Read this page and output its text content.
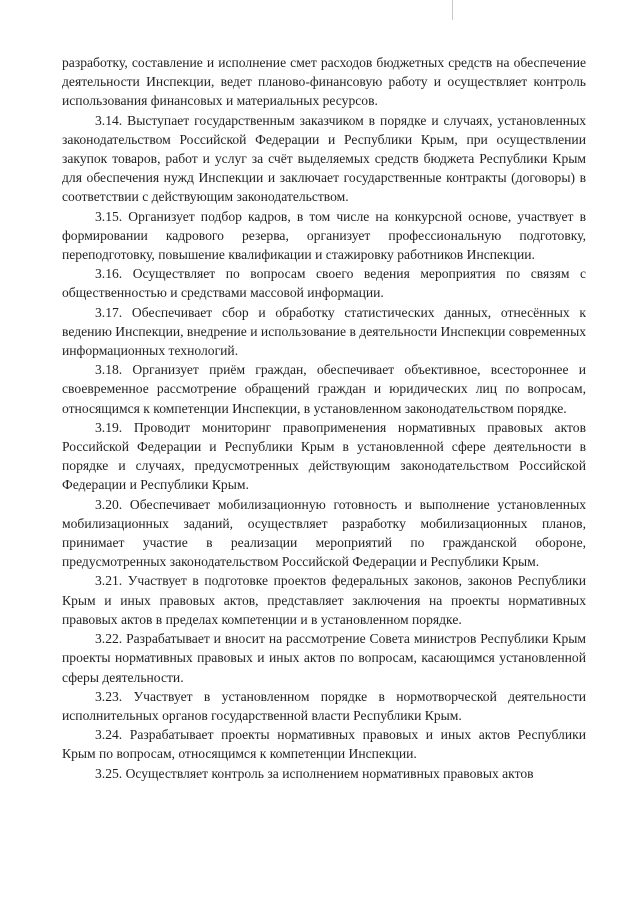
разработку, составление и исполнение смет расходов бюджетных средств на обеспечение деятельности Инспекции, ведет планово-финансовую работу и осуществляет контроль использования финансовых и материальных ресурсов.

3.14. Выступает государственным заказчиком в порядке и случаях, установленных законодательством Российской Федерации и Республики Крым, при осуществлении закупок товаров, работ и услуг за счёт выделяемых средств бюджета Республики Крым для обеспечения нужд Инспекции и заключает государственные контракты (договоры) в соответствии с действующим законодательством.

3.15. Организует подбор кадров, в том числе на конкурсной основе, участвует в формировании кадрового резерва, организует профессиональную подготовку, переподготовку, повышение квалификации и стажировку работников Инспекции.

3.16. Осуществляет по вопросам своего ведения мероприятия по связям с общественностью и средствами массовой информации.

3.17. Обеспечивает сбор и обработку статистических данных, отнесённых к ведению Инспекции, внедрение и использование в деятельности Инспекции современных информационных технологий.

3.18. Организует приём граждан, обеспечивает объективное, всестороннее и своевременное рассмотрение обращений граждан и юридических лиц по вопросам, относящимся к компетенции Инспекции, в установленном законодательством порядке.

3.19. Проводит мониторинг правоприменения нормативных правовых актов Российской Федерации и Республики Крым в установленной сфере деятельности в порядке и случаях, предусмотренных действующим законодательством Российской Федерации и Республики Крым.

3.20. Обеспечивает мобилизационную готовность и выполнение установленных мобилизационных заданий, осуществляет разработку мобилизационных планов, принимает участие в реализации мероприятий по гражданской обороне, предусмотренных законодательством Российской Федерации и Республики Крым.

3.21. Участвует в подготовке проектов федеральных законов, законов Республики Крым и иных правовых актов, представляет заключения на проекты нормативных правовых актов в пределах компетенции и в установленном порядке.

3.22. Разрабатывает и вносит на рассмотрение Совета министров Республики Крым проекты нормативных правовых и иных актов по вопросам, касающимся установленной сферы деятельности.

3.23. Участвует в установленном порядке в нормотворческой деятельности исполнительных органов государственной власти Республики Крым.

3.24. Разрабатывает проекты нормативных правовых и иных актов Республики Крым по вопросам, относящимся к компетенции Инспекции.

3.25. Осуществляет контроль за исполнением нормативных правовых актов
